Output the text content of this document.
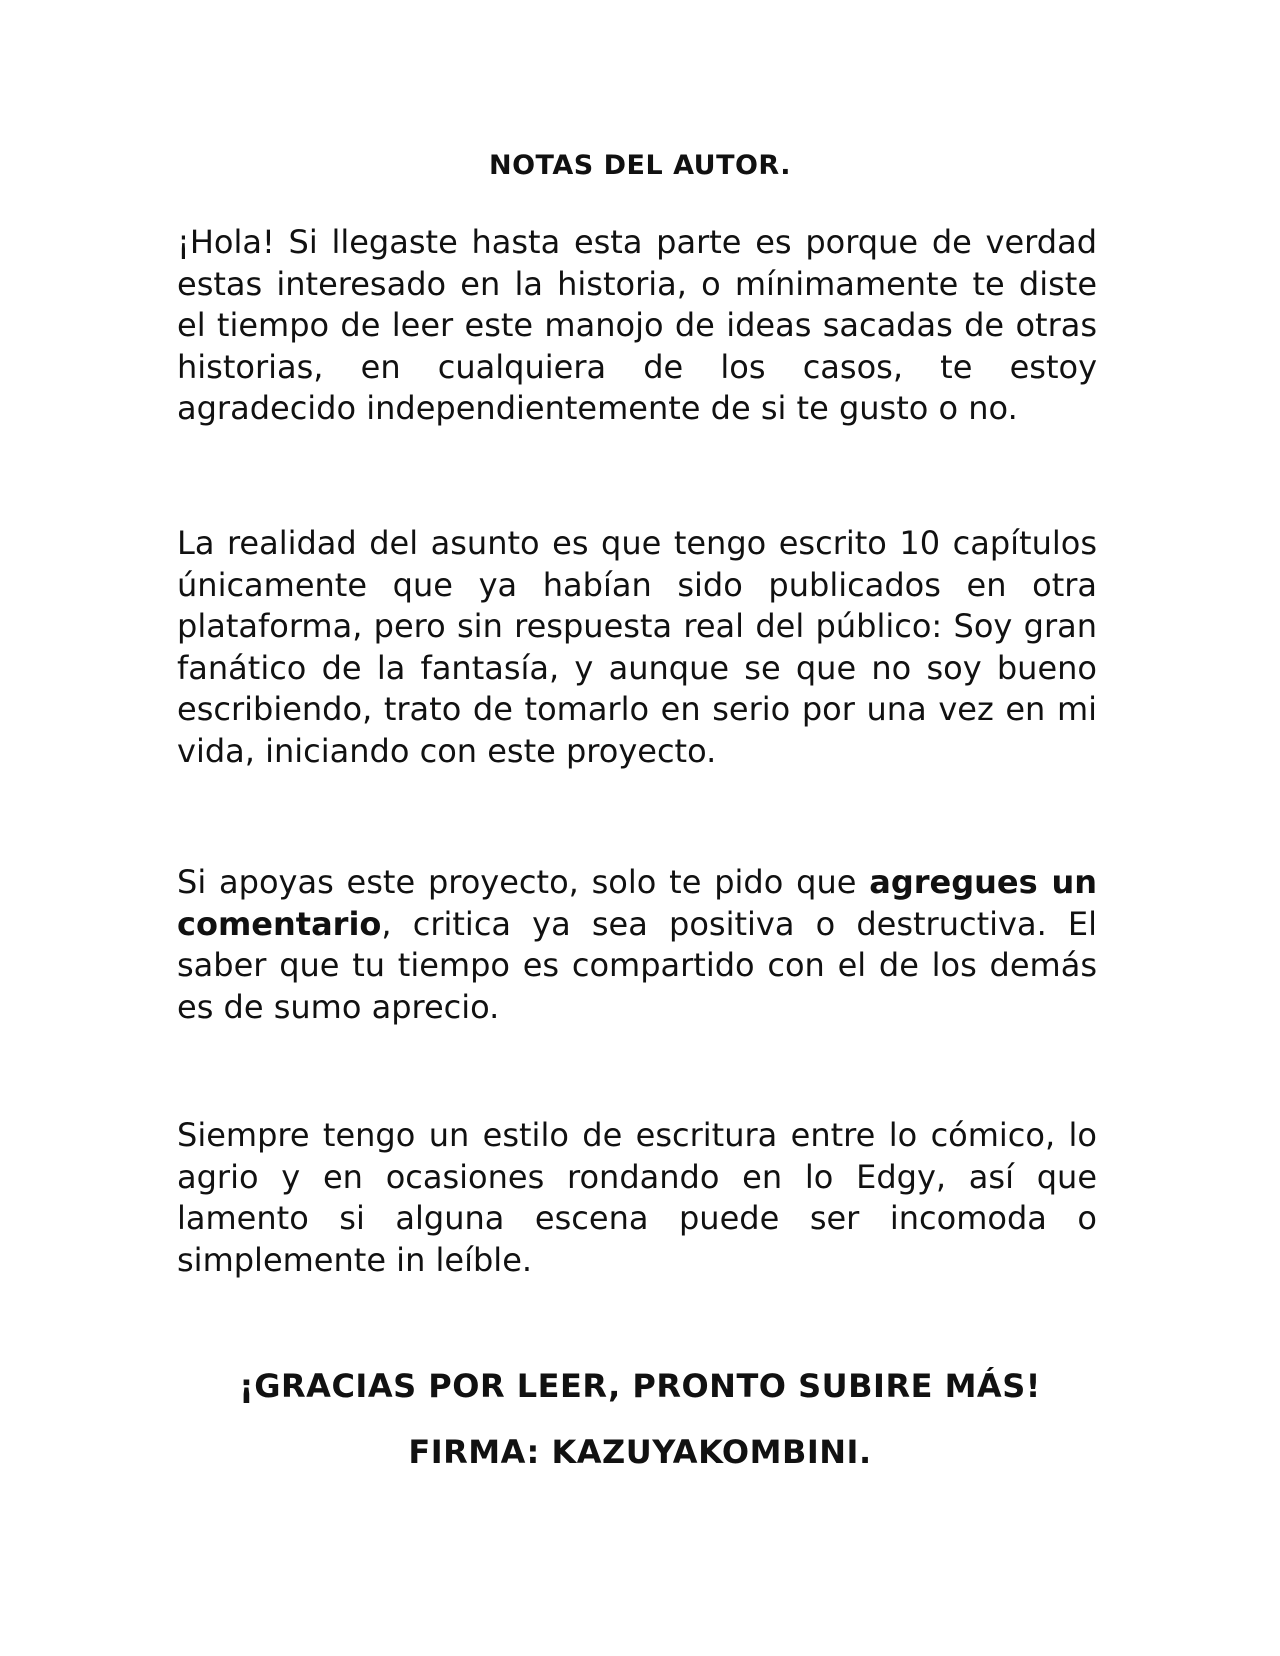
NOTAS DEL AUTOR.

¡Hola! Si llegaste hasta esta parte es porque de verdad estas interesado en la historia, o mínimamente te diste el tiempo de leer este manojo de ideas sacadas de otras historias, en cualquiera de los casos, te estoy agradecido independientemente de si te gusto o no.

La realidad del asunto es que tengo escrito 10 capítulos únicamente que ya habían sido publicados en otra plataforma, pero sin respuesta real del público: Soy gran fanático de la fantasía, y aunque se que no soy bueno escribiendo, trato de tomarlo en serio por una vez en mi vida, iniciando con este proyecto.

Si apoyas este proyecto, solo te pido que agregues un comentario, critica ya sea positiva o destructiva. El saber que tu tiempo es compartido con el de los demás es de sumo aprecio.

Siempre tengo un estilo de escritura entre lo cómico, lo agrio y en ocasiones rondando en lo Edgy, así que lamento si alguna escena puede ser incomoda o simplemente in leíble.

¡GRACIAS POR LEER, PRONTO SUBIRE MÁS!
FIRMA: KAZUYAKOMBINI.
